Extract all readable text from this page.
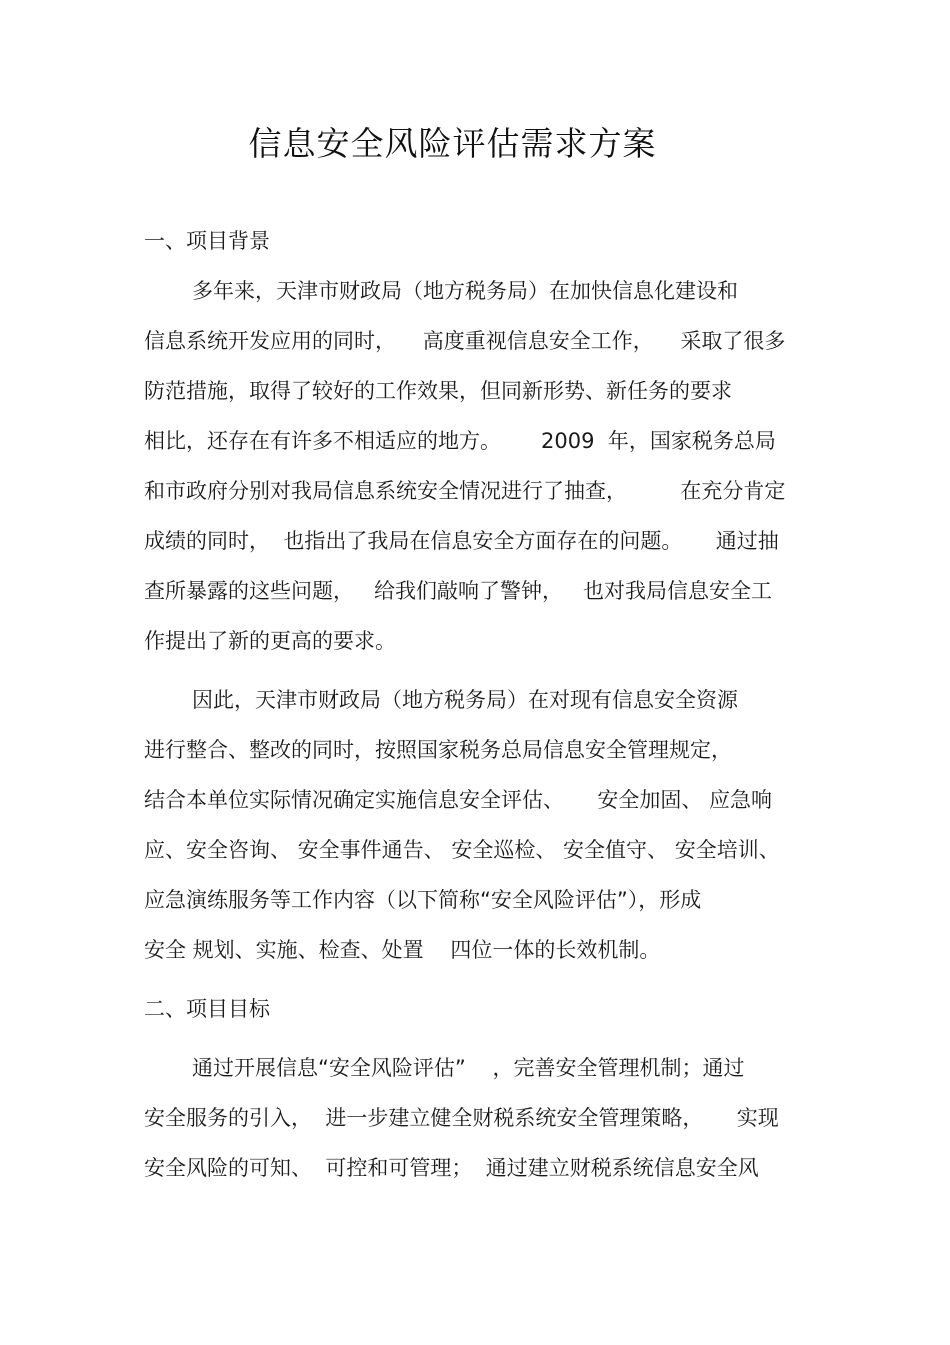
信息安全风险评估需求方案
一、项目背景
多年来，天津市财政局（地方税务局）在加快信息化建设和
信息系统开发应用的同时，    高度重视信息安全工作，    采取了很多
防范措施，取得了较好的工作效果，但同新形势、新任务的要求
相比，还存在有许多不相适应的地方。      2009  年，国家税务总局
和市政府分别对我局信息系统安全情况进行了抽查，        在充分肯定
成绩的同时，  也指出了我局在信息安全方面存在的问题。     通过抽
查所暴露的这些问题，   给我们敲响了警钟，   也对我局信息安全工
作提出了新的更高的要求。
因此，天津市财政局（地方税务局）在对现有信息安全资源
进行整合、整改的同时，按照国家税务总局信息安全管理规定，
结合本单位实际情况确定实施信息安全评估、     安全加固、 应急响
应、安全咨询、 安全事件通告、 安全巡检、 安全值守、 安全培训、
应急演练服务等工作内容（以下简称“安全风险评估”），形成
安全 规划、实施、检查、处置    四位一体的长效机制。
二、项目目标
通过开展信息“安全风险评估”    ，完善安全管理机制；通过
安全服务的引入，  进一步建立健全财税系统安全管理策略，     实现
安全风险的可知、  可控和可管理；  通过建立财税系统信息安全风
